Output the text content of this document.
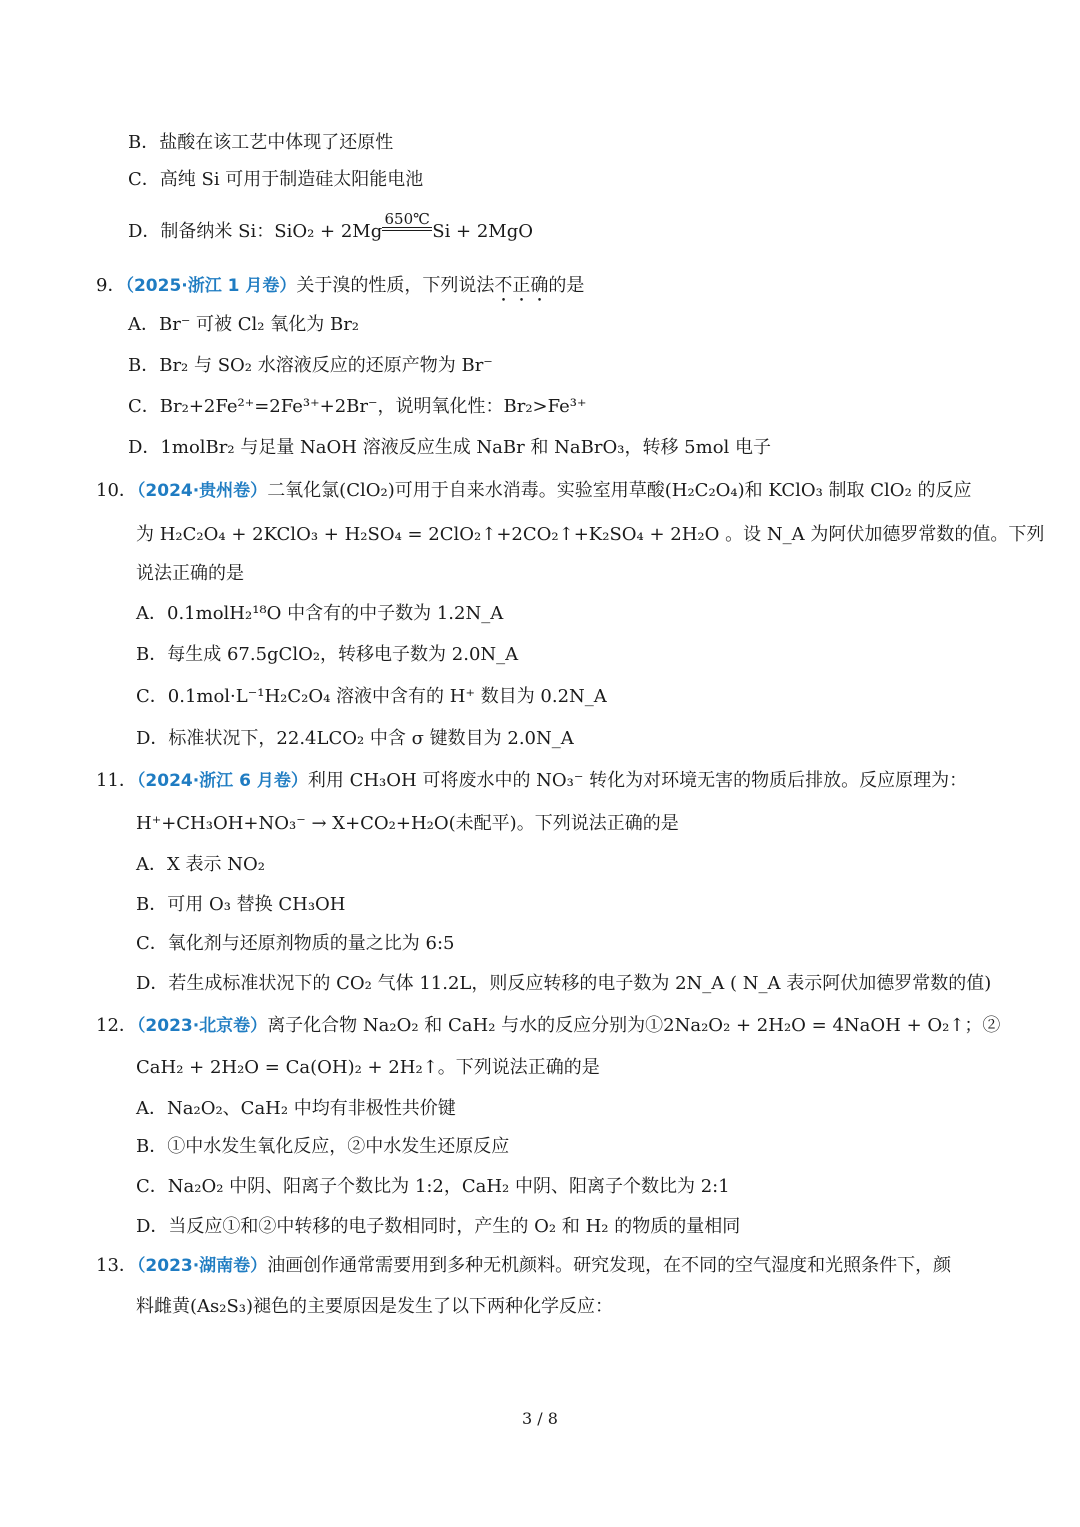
B．盐酸在该工艺中体现了还原性
C．高纯 Si 可用于制造硅太阳能电池
D．制备纳米 Si：SiO₂ + 2Mg
650℃
Si + 2MgO
9．（2025·浙江 1 月卷）关于溴的性质，下列说法不正确的是
A．Br⁻ 可被 Cl₂ 氧化为 Br₂
B．Br₂ 与 SO₂ 水溶液反应的还原产物为 Br⁻
C．Br₂+2Fe²⁺=2Fe³⁺+2Br⁻，说明氧化性：Br₂>Fe³⁺
D．1molBr₂ 与足量 NaOH 溶液反应生成 NaBr 和 NaBrO₃，转移 5mol 电子
10．（2024·贵州卷）二氧化氯(ClO₂)可用于自来水消毒。实验室用草酸(H₂C₂O₄)和 KClO₃ 制取 ClO₂ 的反应
为 H₂C₂O₄ + 2KClO₃ + H₂SO₄ = 2ClO₂↑+2CO₂↑+K₂SO₄ + 2H₂O 。设 N_A 为阿伏加德罗常数的值。下列
说法正确的是
A．0.1molH₂¹⁸O 中含有的中子数为 1.2N_A
B．每生成 67.5gClO₂，转移电子数为 2.0N_A
C．0.1mol·L⁻¹H₂C₂O₄ 溶液中含有的 H⁺ 数目为 0.2N_A
D．标准状况下，22.4LCO₂ 中含 σ 键数目为 2.0N_A
11．（2024·浙江 6 月卷）利用 CH₃OH 可将废水中的 NO₃⁻ 转化为对环境无害的物质后排放。反应原理为：
H⁺+CH₃OH+NO₃⁻ → X+CO₂+H₂O(未配平)。下列说法正确的是
A．X 表示 NO₂
B．可用 O₃ 替换 CH₃OH
C．氧化剂与还原剂物质的量之比为 6:5
D．若生成标准状况下的 CO₂ 气体 11.2L，则反应转移的电子数为 2N_A ( N_A 表示阿伏加德罗常数的值)
12．（2023·北京卷）离子化合物 Na₂O₂ 和 CaH₂ 与水的反应分别为①2Na₂O₂ + 2H₂O = 4NaOH + O₂↑；②
CaH₂ + 2H₂O = Ca(OH)₂ + 2H₂↑。下列说法正确的是
A．Na₂O₂、CaH₂ 中均有非极性共价键
B．①中水发生氧化反应，②中水发生还原反应
C．Na₂O₂ 中阴、阳离子个数比为 1:2，CaH₂ 中阴、阳离子个数比为 2:1
D．当反应①和②中转移的电子数相同时，产生的 O₂ 和 H₂ 的物质的量相同
13．（2023·湖南卷）油画创作通常需要用到多种无机颜料。研究发现，在不同的空气湿度和光照条件下，颜
料雌黄(As₂S₃)褪色的主要原因是发生了以下两种化学反应：
3 / 8
